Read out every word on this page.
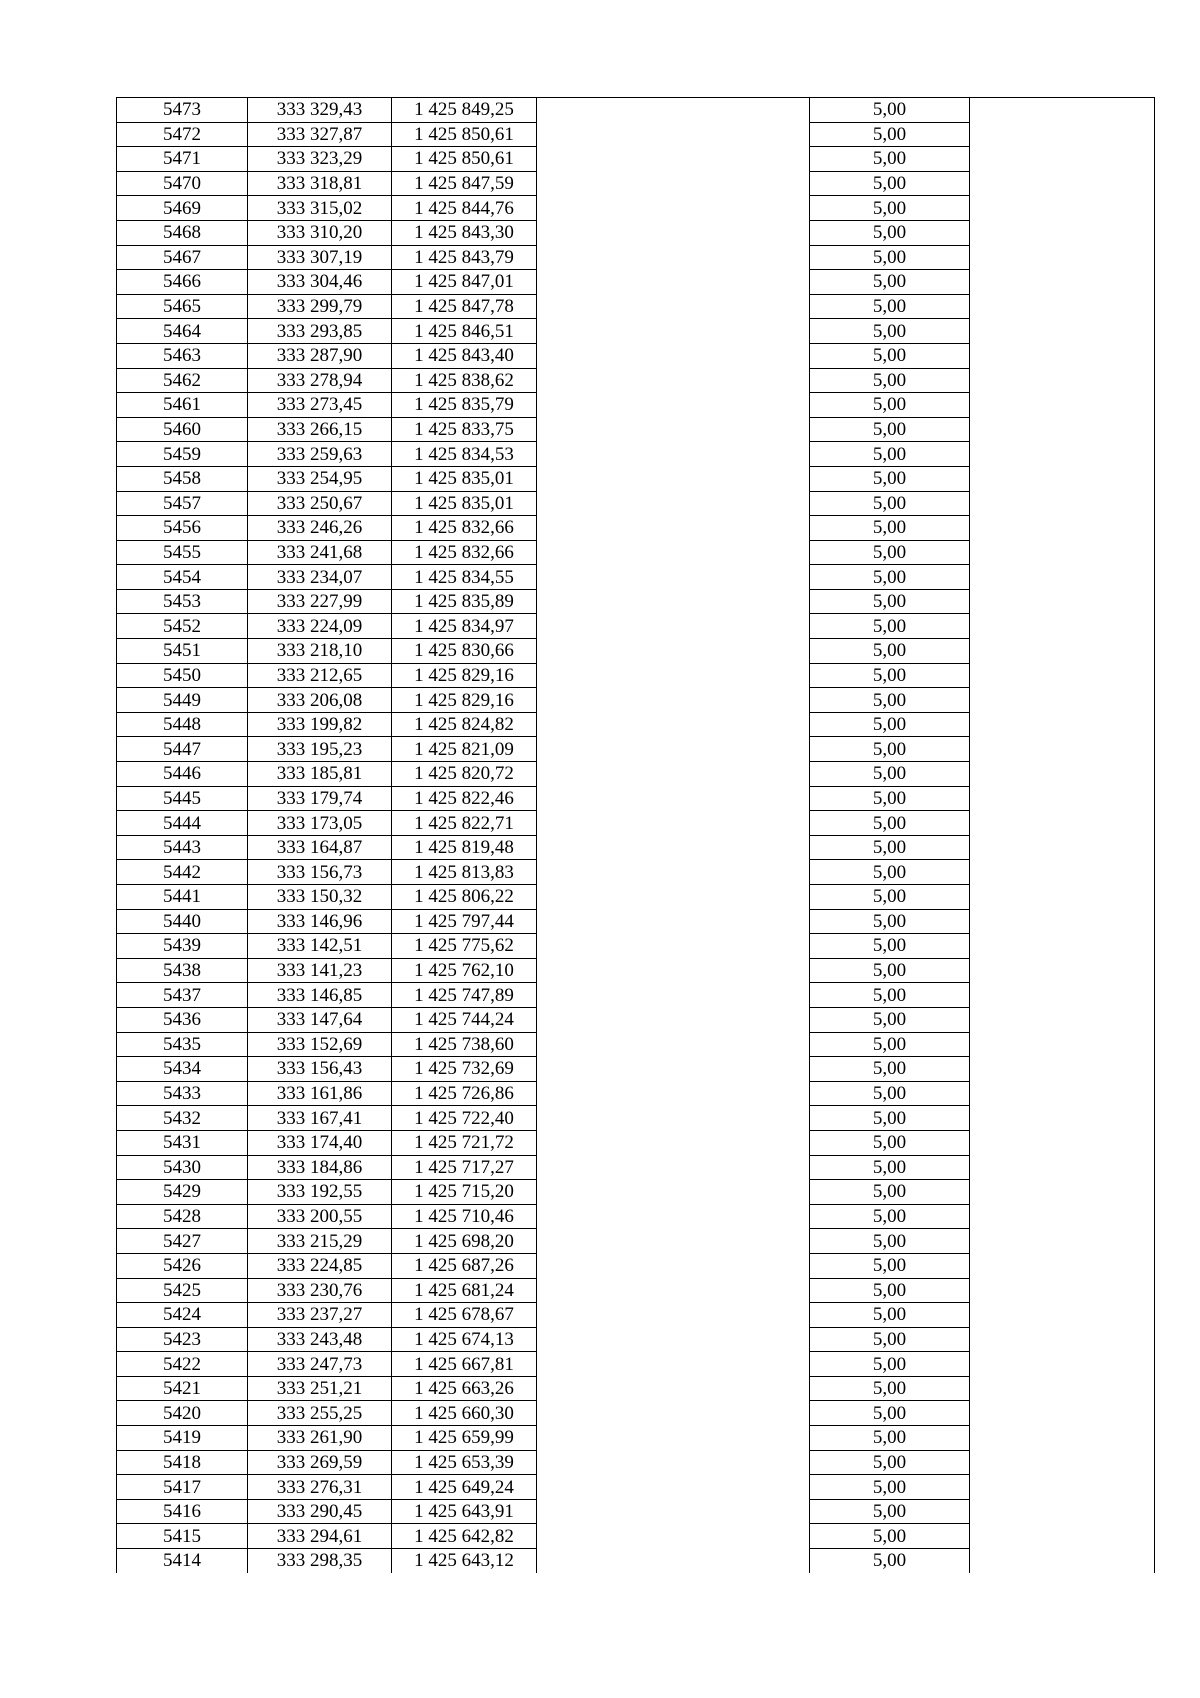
5473	333 329,43	1 425 849,25		5,00	
5472	333 327,87	1 425 850,61		5,00	
5471	333 323,29	1 425 850,61		5,00	
5470	333 318,81	1 425 847,59		5,00	
5469	333 315,02	1 425 844,76		5,00	
5468	333 310,20	1 425 843,30		5,00	
5467	333 307,19	1 425 843,79		5,00	
5466	333 304,46	1 425 847,01		5,00	
5465	333 299,79	1 425 847,78		5,00	
5464	333 293,85	1 425 846,51		5,00	
5463	333 287,90	1 425 843,40		5,00	
5462	333 278,94	1 425 838,62		5,00	
5461	333 273,45	1 425 835,79		5,00	
5460	333 266,15	1 425 833,75		5,00	
5459	333 259,63	1 425 834,53		5,00	
5458	333 254,95	1 425 835,01		5,00	
5457	333 250,67	1 425 835,01		5,00	
5456	333 246,26	1 425 832,66		5,00	
5455	333 241,68	1 425 832,66		5,00	
5454	333 234,07	1 425 834,55		5,00	
5453	333 227,99	1 425 835,89		5,00	
5452	333 224,09	1 425 834,97		5,00	
5451	333 218,10	1 425 830,66		5,00	
5450	333 212,65	1 425 829,16		5,00	
5449	333 206,08	1 425 829,16		5,00	
5448	333 199,82	1 425 824,82		5,00	
5447	333 195,23	1 425 821,09		5,00	
5446	333 185,81	1 425 820,72		5,00	
5445	333 179,74	1 425 822,46		5,00	
5444	333 173,05	1 425 822,71		5,00	
5443	333 164,87	1 425 819,48		5,00	
5442	333 156,73	1 425 813,83		5,00	
5441	333 150,32	1 425 806,22		5,00	
5440	333 146,96	1 425 797,44		5,00	
5439	333 142,51	1 425 775,62		5,00	
5438	333 141,23	1 425 762,10		5,00	
5437	333 146,85	1 425 747,89		5,00	
5436	333 147,64	1 425 744,24		5,00	
5435	333 152,69	1 425 738,60		5,00	
5434	333 156,43	1 425 732,69		5,00	
5433	333 161,86	1 425 726,86		5,00	
5432	333 167,41	1 425 722,40		5,00	
5431	333 174,40	1 425 721,72		5,00	
5430	333 184,86	1 425 717,27		5,00	
5429	333 192,55	1 425 715,20		5,00	
5428	333 200,55	1 425 710,46		5,00	
5427	333 215,29	1 425 698,20		5,00	
5426	333 224,85	1 425 687,26		5,00	
5425	333 230,76	1 425 681,24		5,00	
5424	333 237,27	1 425 678,67		5,00	
5423	333 243,48	1 425 674,13		5,00	
5422	333 247,73	1 425 667,81		5,00	
5421	333 251,21	1 425 663,26		5,00	
5420	333 255,25	1 425 660,30		5,00	
5419	333 261,90	1 425 659,99		5,00	
5418	333 269,59	1 425 653,39		5,00	
5417	333 276,31	1 425 649,24		5,00	
5416	333 290,45	1 425 643,91		5,00	
5415	333 294,61	1 425 642,82		5,00	
5414	333 298,35	1 425 643,12		5,00	
